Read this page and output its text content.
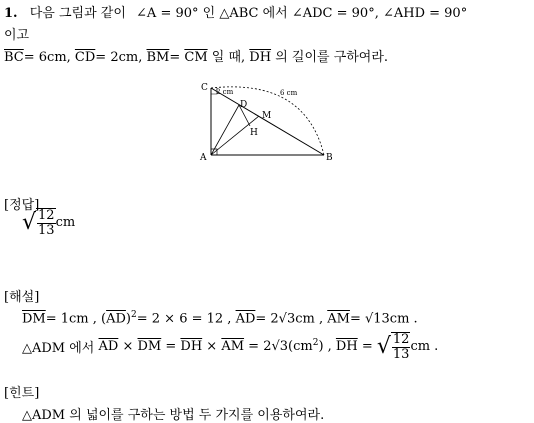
1. 다음 그림과 같이 ∠A = 90° 인 △ABC 에서 ∠ADC = 90°, ∠AHD = 90°
이고
$\overline{BC}= 6cm$, $\overline{CD}= 2cm$, $\overline{BM}= \overline{CM}$ 일 때, $\overline{DH}$ 의 길이를 구하여라.
C
D
M
H
A	B
2 cm	6 cm
[정답]
√ $\frac{12}{13}$ cm
[해설]
$\overline{DM}= 1cm$ , $(\overline{AD})^2= 2 \times 6 = 12$ , $\overline{AD}= 2√3cm$ , $\overline{AM}= √13cm$ .
△ADM 에서 $\overline{AD} \times \overline{DM} = \overline{DH} \times \overline{AM} = 2√3(cm^2)$ , $\overline{DH}$ = √ $\frac{12}{13}$ cm .
[힌트]
△ADM 의 넓이를 구하는 방법 두 가지를 이용하여라.
